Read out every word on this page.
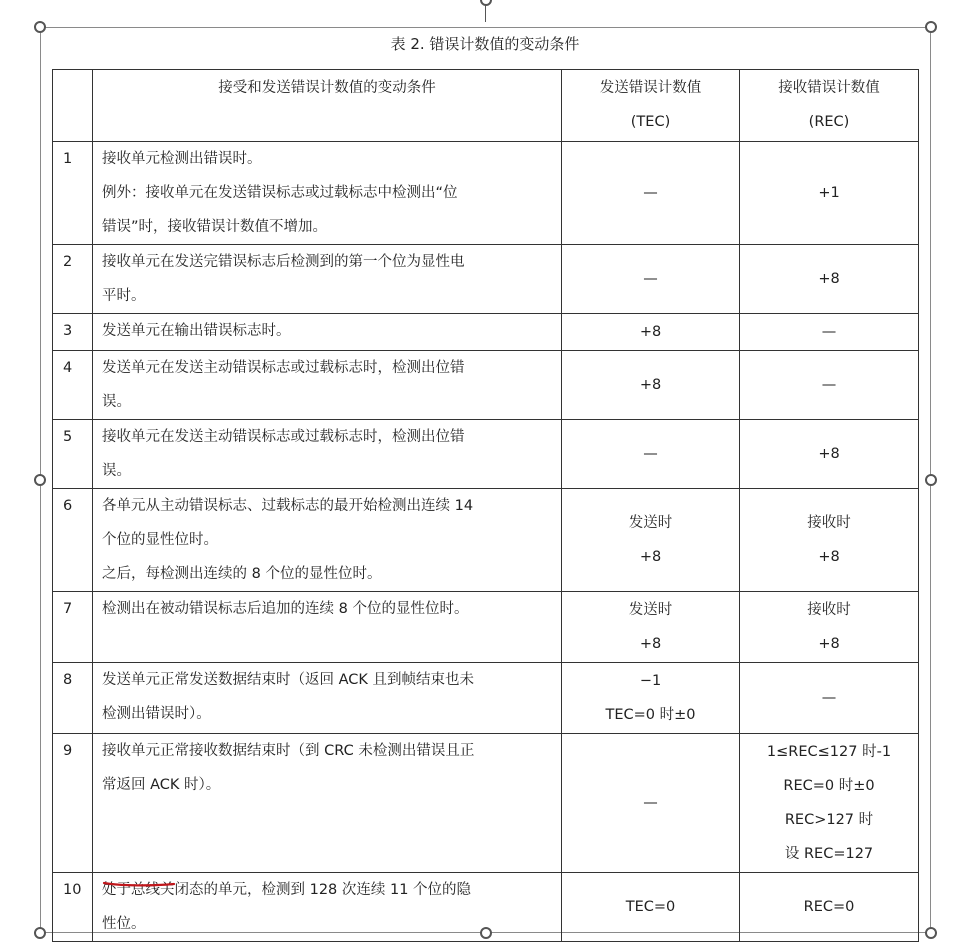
表 2. 错误计数值的变动条件
	接受和发送错误计数值的变动条件	发送错误计数值
(TEC)	接收错误计数值
(REC)

1	接收单元检测出错误时。
例外：接收单元在发送错误标志或过载标志中检测出“位
错误”时，接收错误计数值不增加。	—	+1

2	接收单元在发送完错误标志后检测到的第一个位为显性电
平时。	—	+8

3	发送单元在输出错误标志时。	+8	—

4	发送单元在发送主动错误标志或过载标志时，检测出位错
误。	+8	—

5	接收单元在发送主动错误标志或过载标志时，检测出位错
误。	—	+8

6	各单元从主动错误标志、过载标志的最开始检测出连续 14
个位的显性位时。
之后，每检测出连续的 8 个位的显性位时。	发送时
+8	接收时
+8

7	检测出在被动错误标志后追加的连续 8 个位的显性位时。	发送时
+8	接收时
+8

8	发送单元正常发送数据结束时（返回 ACK 且到帧结束也未
检测出错误时）。	−1
TEC=0 时±0	—

9	接收单元正常接收数据结束时（到 CRC 未检测出错误且正
常返回 ACK 时）。	—	1≤REC≤127 时-1
REC=0 时±0
REC>127 时
设 REC=127

10	处于总线关闭态的单元，检测到 128 次连续 11 个位的隐
性位。	TEC=0	REC=0
